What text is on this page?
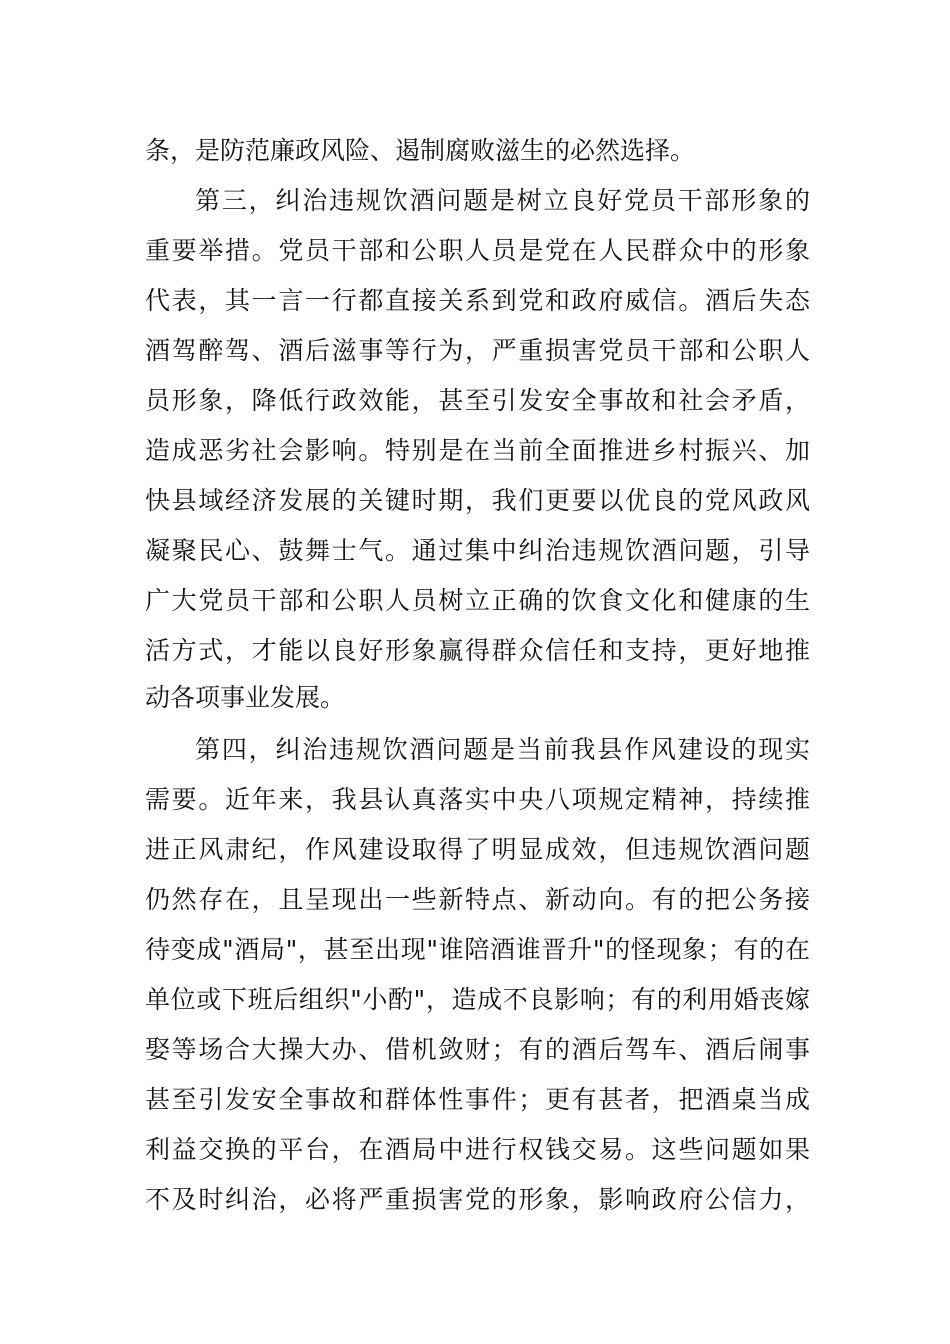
条，是防范廉政风险、遏制腐败滋生的必然选择。
第三，纠治违规饮酒问题是树立良好党员干部形象的
重要举措。党员干部和公职人员是党在人民群众中的形象
代表，其一言一行都直接关系到党和政府威信。酒后失态
酒驾醉驾、酒后滋事等行为，严重损害党员干部和公职人
员形象，降低行政效能，甚至引发安全事故和社会矛盾，
造成恶劣社会影响。特别是在当前全面推进乡村振兴、加
快县域经济发展的关键时期，我们更要以优良的党风政风
凝聚民心、鼓舞士气。通过集中纠治违规饮酒问题，引导
广大党员干部和公职人员树立正确的饮食文化和健康的生
活方式，才能以良好形象赢得群众信任和支持，更好地推
动各项事业发展。
第四，纠治违规饮酒问题是当前我县作风建设的现实
需要。近年来，我县认真落实中央八项规定精神，持续推
进正风肃纪，作风建设取得了明显成效，但违规饮酒问题
仍然存在，且呈现出一些新特点、新动向。有的把公务接
待变成"酒局"，甚至出现"谁陪酒谁晋升"的怪现象；有的在
单位或下班后组织"小酌"，造成不良影响；有的利用婚丧嫁
娶等场合大操大办、借机敛财；有的酒后驾车、酒后闹事
甚至引发安全事故和群体性事件；更有甚者，把酒桌当成
利益交换的平台，在酒局中进行权钱交易。这些问题如果
不及时纠治，必将严重损害党的形象，影响政府公信力，
